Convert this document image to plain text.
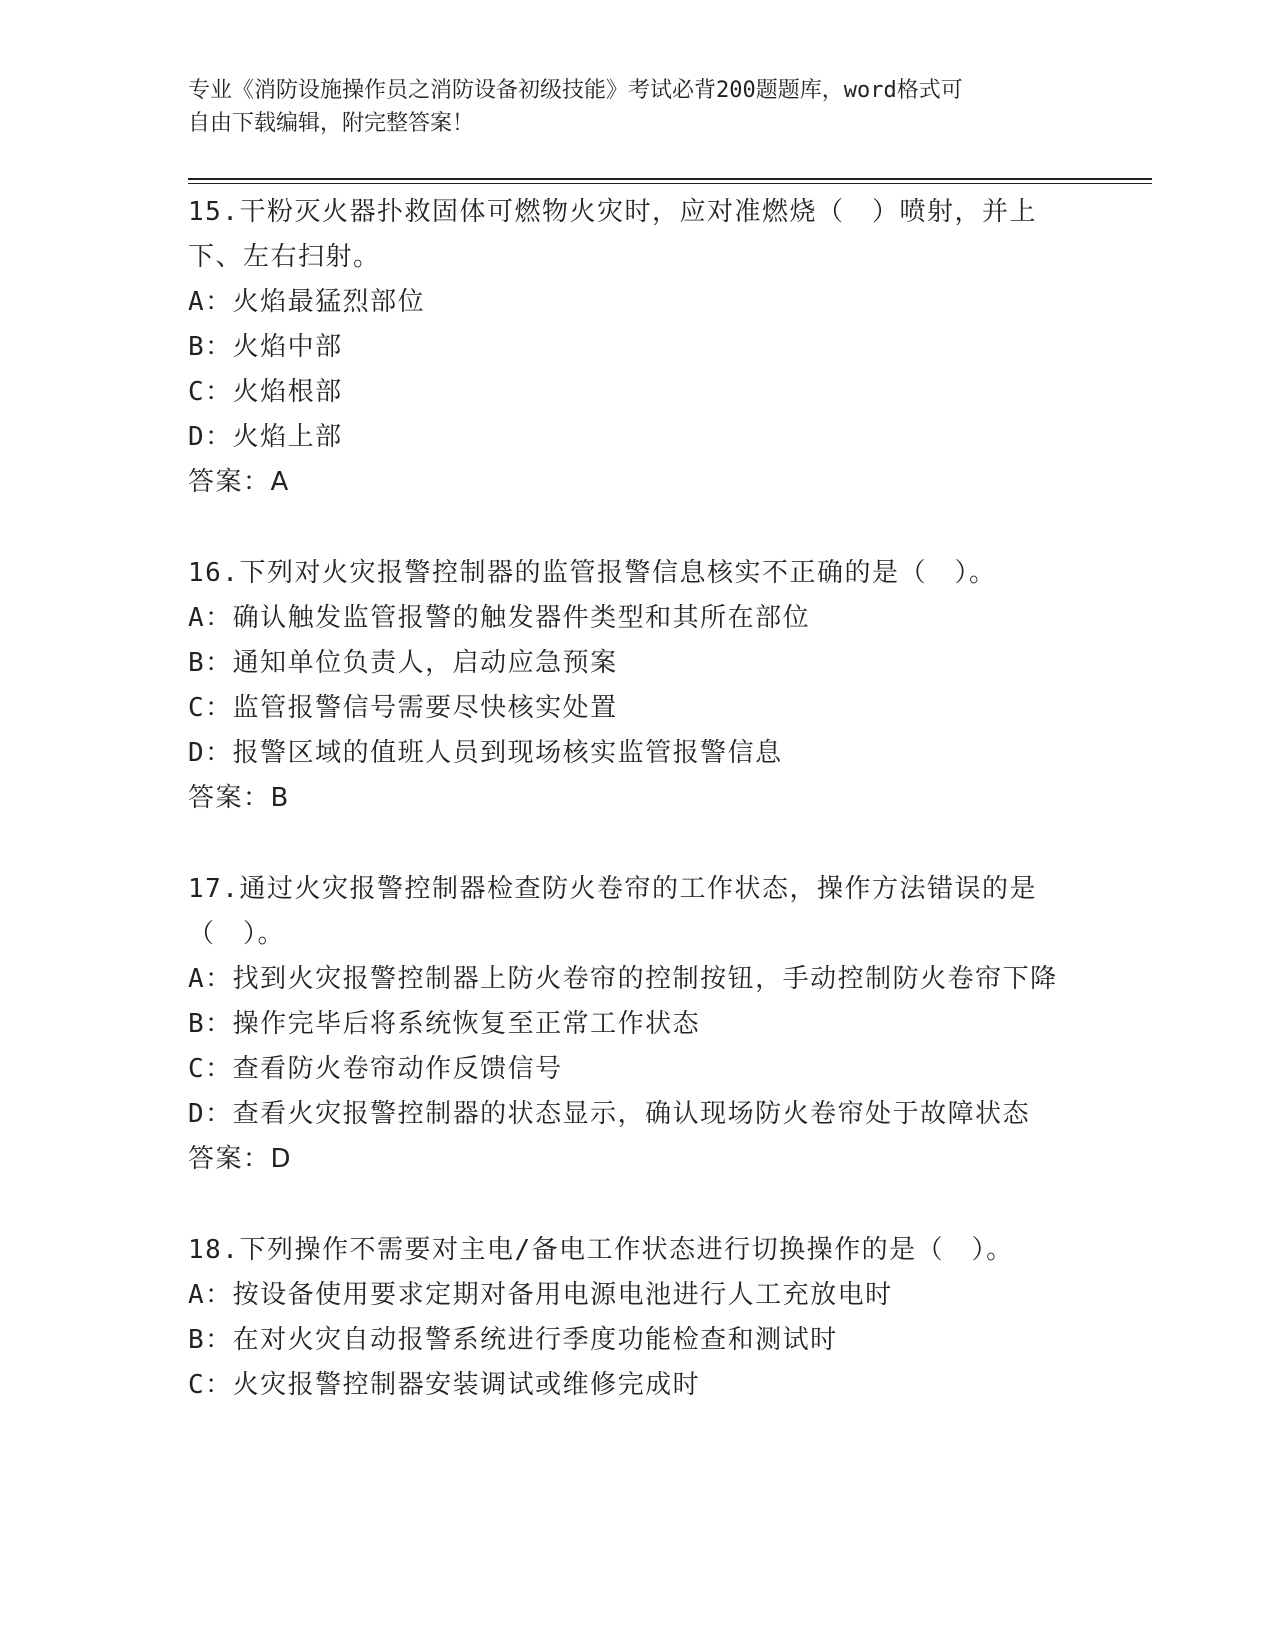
专业《消防设施操作员之消防设备初级技能》考试必背200题题库，word格式可
自由下载编辑，附完整答案！

15.干粉灭火器扑救固体可燃物火灾时，应对准燃烧（　）喷射，并上下、左右扫射。

A：火焰最猛烈部位

B：火焰中部

C：火焰根部

D：火焰上部

答案：A

16.下列对火灾报警控制器的监管报警信息核实不正确的是（　）。

A：确认触发监管报警的触发器件类型和其所在部位

B：通知单位负责人，启动应急预案

C：监管报警信号需要尽快核实处置

D：报警区域的值班人员到现场核实监管报警信息

答案：B

17.通过火灾报警控制器检查防火卷帘的工作状态，操作方法错误的是（　）。

A：找到火灾报警控制器上防火卷帘的控制按钮，手动控制防火卷帘下降

B：操作完毕后将系统恢复至正常工作状态

C：查看防火卷帘动作反馈信号

D：查看火灾报警控制器的状态显示，确认现场防火卷帘处于故障状态

答案：D

18.下列操作不需要对主电/备电工作状态进行切换操作的是（　）。

A：按设备使用要求定期对备用电源电池进行人工充放电时

B：在对火灾自动报警系统进行季度功能检查和测试时

C：火灾报警控制器安装调试或维修完成时
